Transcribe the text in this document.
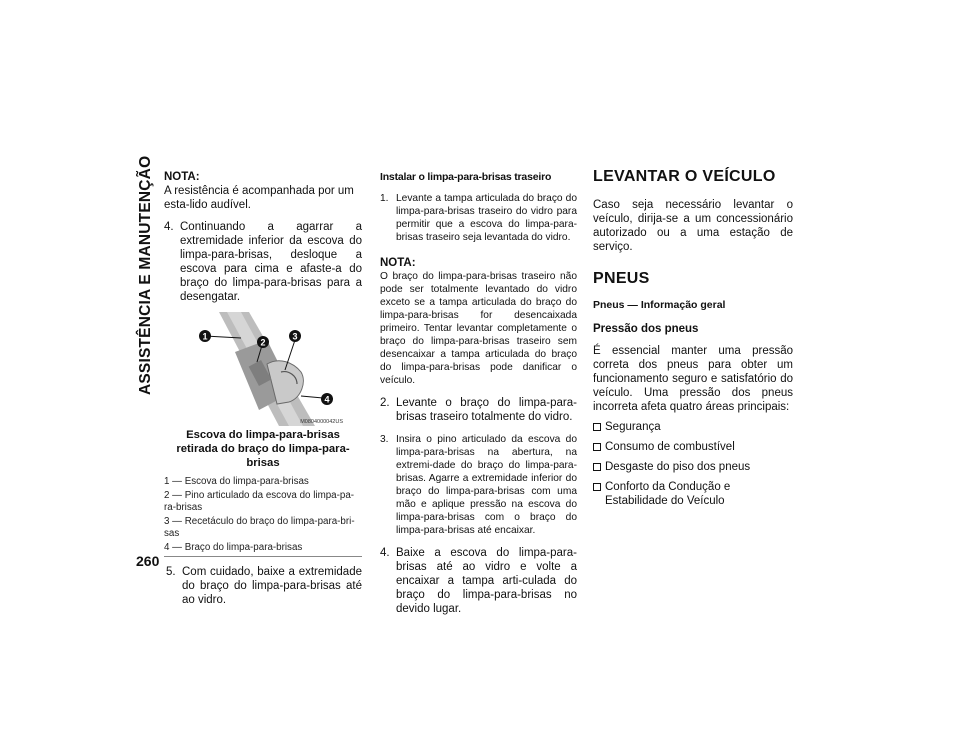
ASSISTÊNCIA E MANUTENÇÃO
260

NOTA:

A resistência é acompanhada por um esta-lido audível.

4. Continuando a agarrar a extremidade inferior da escova do limpa-para-brisas, desloque a escova para cima e afaste-a do braço do limpa-para-brisas para a desengatar.
1
2
3
4
M0804000042US
Escova do limpa-para-brisas retirada do braço do limpa-para-brisas
1 — Escova do limpa-para-brisas
2 — Pino articulado da escova do limpa-pa-ra-brisas
3 — Recetáculo do braço do limpa-para-bri-sas
4 — Braço do limpa-para-brisas
5. Com cuidado, baixe a extremidade do braço do limpa-para-brisas até ao vidro.

Instalar o limpa-para-brisas traseiro

1. Levante a tampa articulada do braço do limpa-para-brisas traseiro do vidro para permitir que a escova do limpa-para-brisas traseiro seja levantada do vidro.

NOTA:

O braço do limpa-para-brisas traseiro não pode ser totalmente levantado do vidro exceto se a tampa articulada do braço do limpa-para-brisas for desencaixada primeiro. Tentar levantar completamente o braço do limpa-para-brisas traseiro sem desencaixar a tampa articulada do braço do limpa-para-brisas pode danificar o veículo.

2. Levante o braço do limpa-para-brisas traseiro totalmente do vidro.
3. Insira o pino articulado da escova do limpa-para-brisas na abertura, na extremi-dade do braço do limpa-para-brisas. Agarre a extremidade inferior do braço do limpa-para-brisas com uma mão e aplique pressão na escova do limpa-para-brisas com o braço do limpa-para-brisas até encaixar.
4. Baixe a escova do limpa-para-brisas até ao vidro e volte a encaixar a tampa arti-culada do braço do limpa-para-brisas no devido lugar.
LEVANTAR O VEÍCULO

Caso seja necessário levantar o veículo, dirija-se a um concessionário autorizado ou a uma estação de serviço.

PNEUS
Pneus — Informação geral
Pressão dos pneus

É essencial manter uma pressão correta dos pneus para obter um funcionamento seguro e satisfatório do veículo. Uma pressão dos pneus incorreta afeta quatro áreas principais:

Segurança
Consumo de combustível
Desgaste do piso dos pneus
Conforto da Condução e Estabilidade do Veículo
